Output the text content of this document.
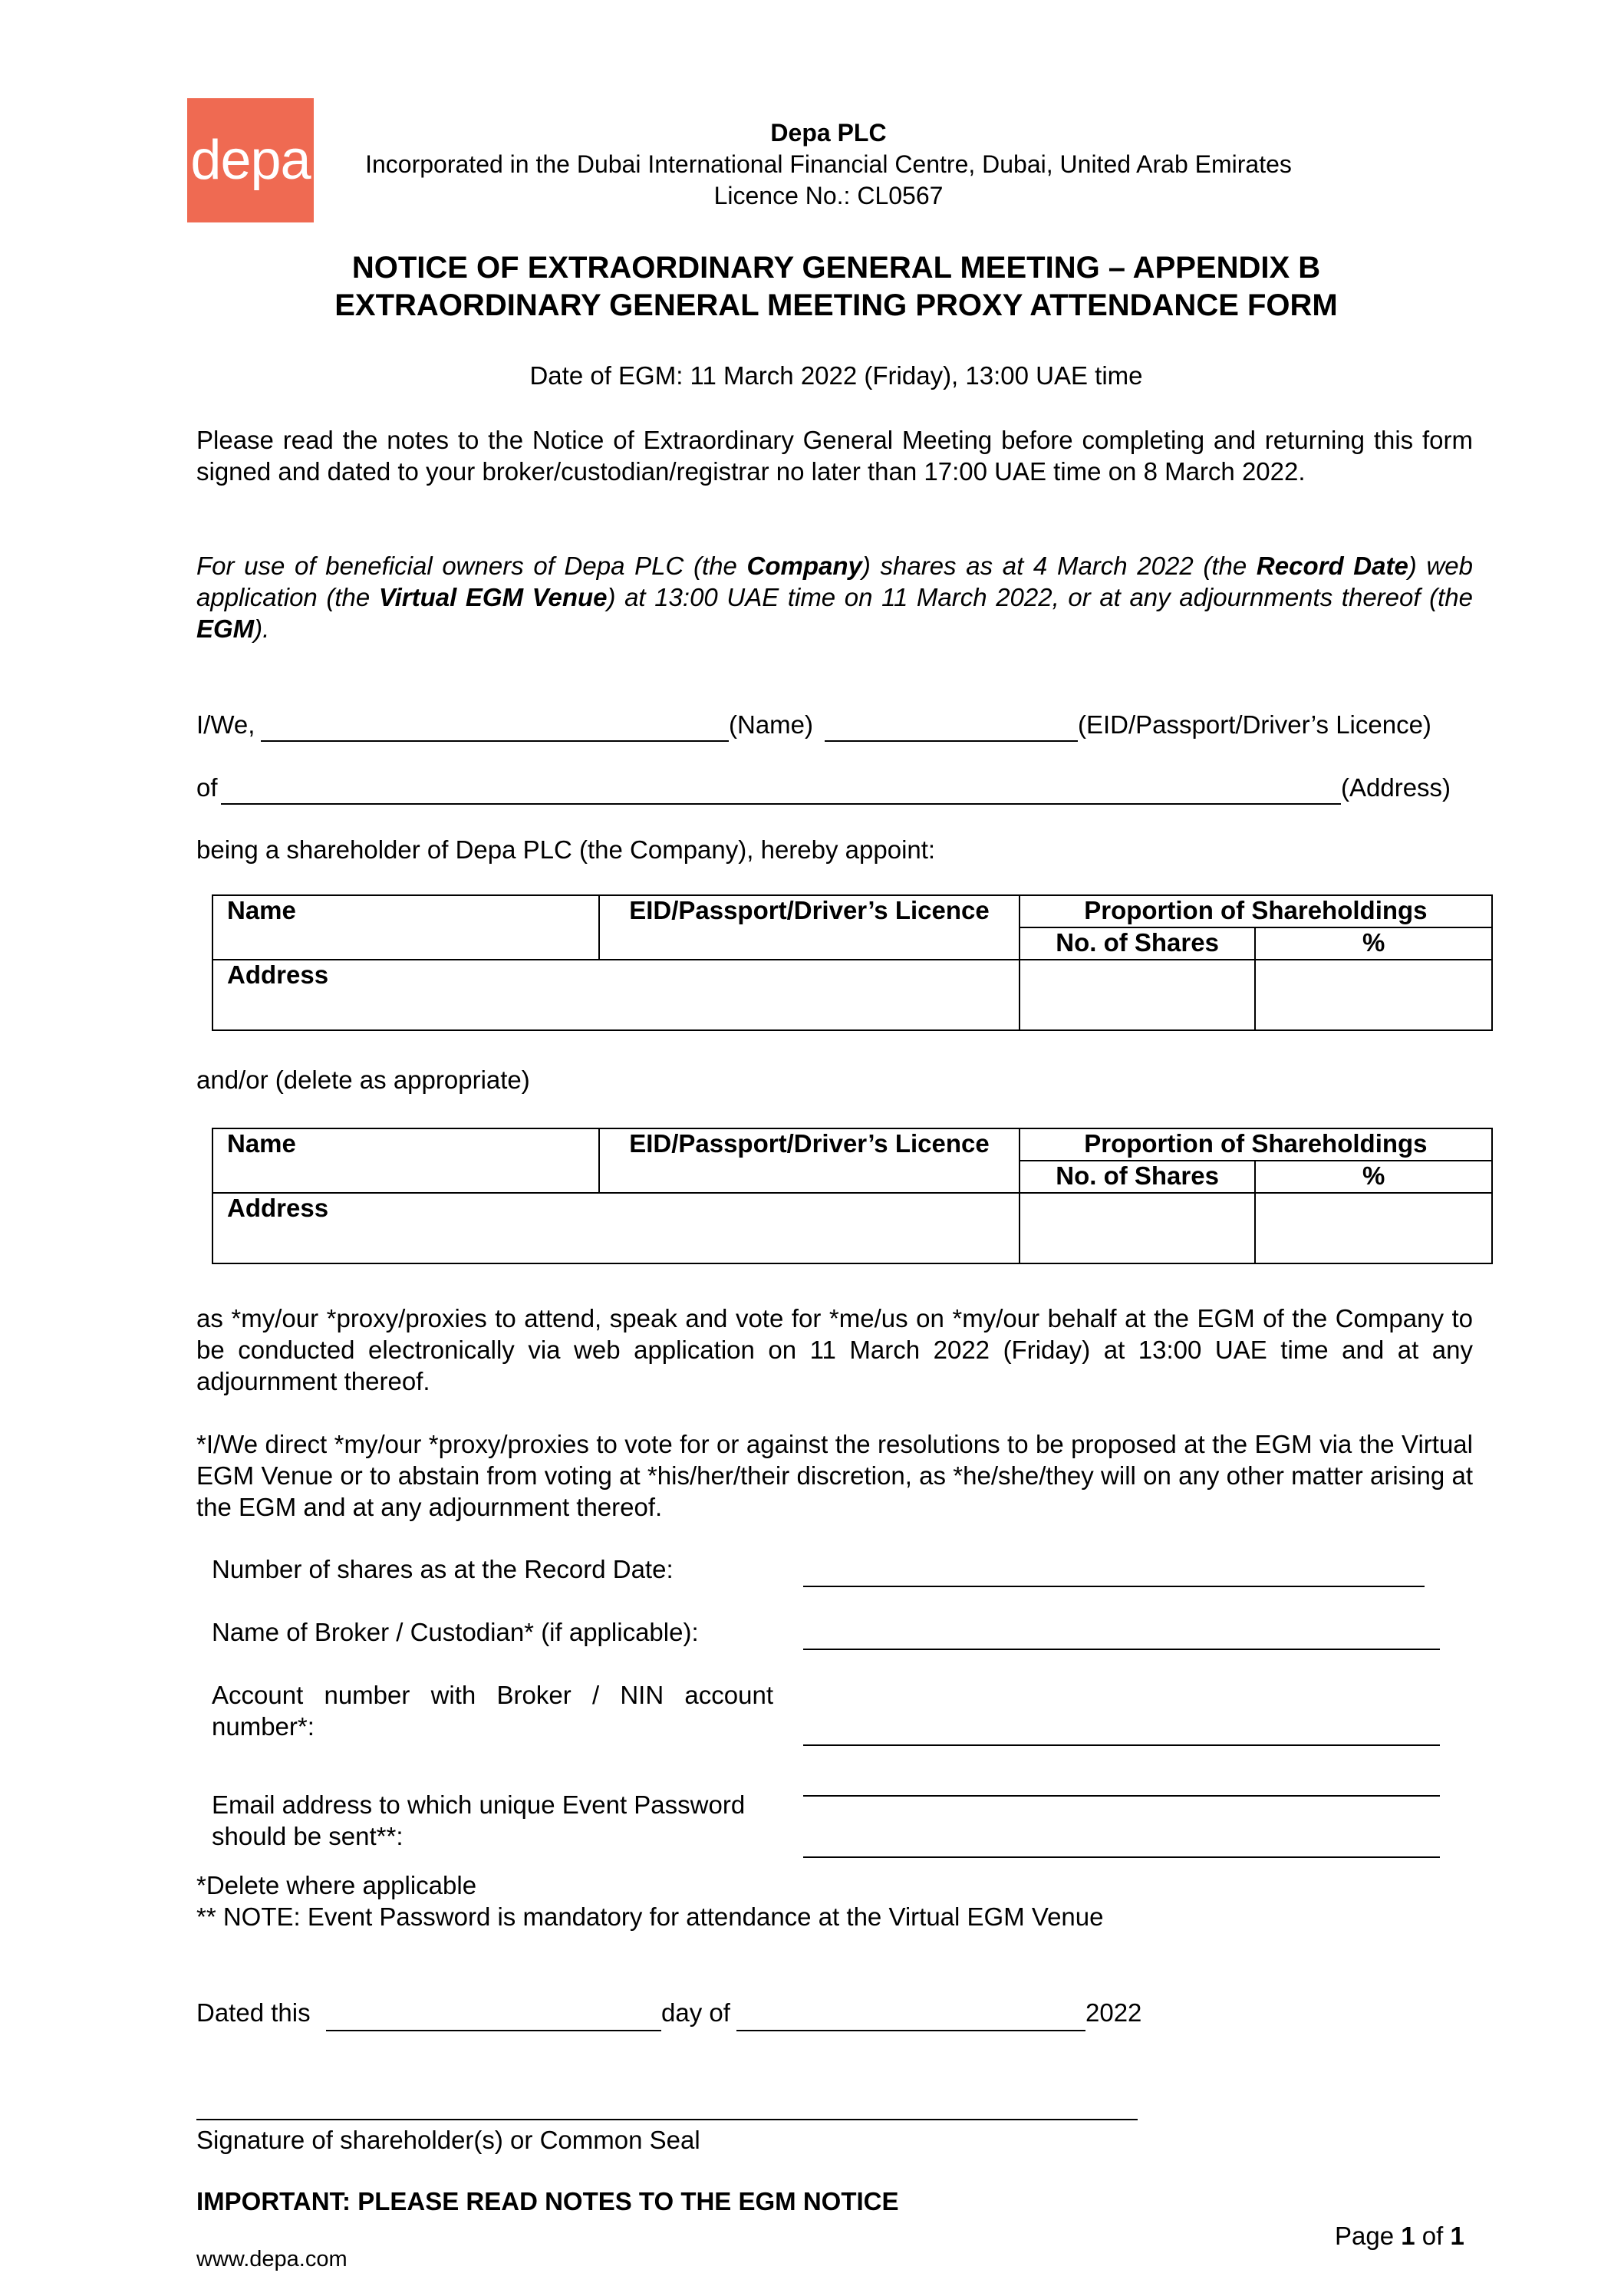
depa	Depa PLC
Incorporated in the Dubai International Financial Centre, Dubai, United Arab Emirates
Licence No.: CL0567
NOTICE OF EXTRAORDINARY GENERAL MEETING – APPENDIX B
EXTRAORDINARY GENERAL MEETING PROXY ATTENDANCE FORM
Date of EGM: 11 March 2022 (Friday), 13:00 UAE time
Please read the notes to the Notice of Extraordinary General Meeting before completing and returning this form signed and dated to your broker/custodian/registrar no later than 17:00 UAE time on 8 March 2022.
For use of beneficial owners of Depa PLC (the Company) shares as at 4 March 2022 (the Record Date) web application (the Virtual EGM Venue) at 13:00 UAE time on 11 March 2022, or at any adjournments thereof (the EGM).
I/We,	(Name)	(EID/Passport/Driver’s Licence)
of	(Address)
being a shareholder of Depa PLC (the Company), hereby appoint:
Name	EID/Passport/Driver’s Licence	Proportion of Shareholdings	
		No. of Shares	%
Address			
and/or (delete as appropriate)
Name	EID/Passport/Driver’s Licence	Proportion of Shareholdings	
		No. of Shares	%
Address			
as *my/our *proxy/proxies to attend, speak and vote for *me/us on *my/our behalf at the EGM of the Company to be conducted electronically via web application on 11 March 2022 (Friday) at 13:00 UAE time and at any adjournment thereof.
*I/We direct *my/our *proxy/proxies to vote for or against the resolutions to be proposed at the EGM via the Virtual EGM Venue or to abstain from voting at *his/her/their discretion, as *he/she/they will on any other matter arising at the EGM and at any adjournment thereof.
Number of shares as at the Record Date:
Name of Broker / Custodian* (if applicable):
Account number with Broker / NIN account
number*:
Email address to which unique Event Password
should be sent**:
*Delete where applicable
** NOTE: Event Password is mandatory for attendance at the Virtual EGM Venue
Dated this	day of	2022
Signature of shareholder(s) or Common Seal
IMPORTANT: PLEASE READ NOTES TO THE EGM NOTICE
Page 1 of 1
www.depa.com
